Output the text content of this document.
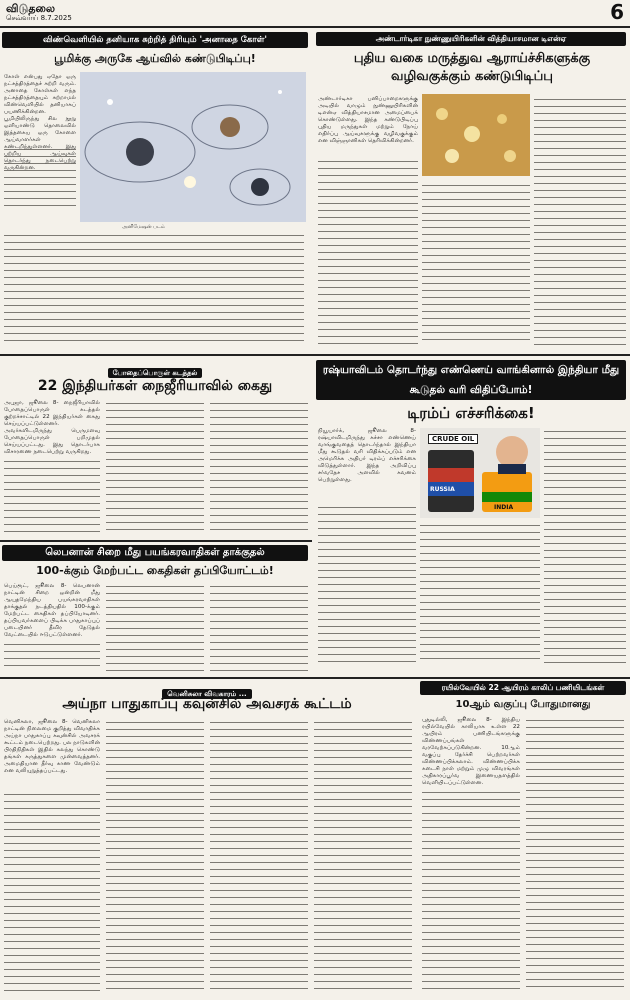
விடுதலை
செவ்வாய் 8.7.2025	6
விண்வெளியில் தனியாக சுற்றித் திரியும் 'அனாதை கோள்'
பூமிக்கு அருகே ஆய்வில் கண்டுபிடிப்பு!
கோள் என்பது ஏதோ ஒரு நட்சத்திரத்தைச் சுற்றி வரும். அனாதை கோள்கள் எந்த நட்சத்திரத்தையும் சுற்றாமல் விண்வெளியில் தனியாகப் பயணிக்கின்றன. பூமியிலிருந்து சில நூறு ஒளியாண்டு தொலைவில் இத்தகைய ஒரு கோளை ஆய்வாளர்கள் கண்டறிந்துள்ளனர். இது பற்றிய ஆய்வுகள் தொடர்ந்து நடைபெற்று வருகின்றன.
அனிமேஷன் படம்
அண்டார்டிகா நுண்ணுயிரிகளின் வித்தியாசமான டிஎன்ஏ
புதிய வகை மருத்துவ ஆராய்ச்சிகளுக்கு வழிவகுக்கும் கண்டுபிடிப்பு
அண்டார்டிகா பனிப்பாறைகளுக்கு அடியில் வாழும் நுண்ணுயிரிகளின் டிஎன்ஏ வித்தியாசமான அமைப்பைக் கொண்டுள்ளது. இந்த கண்டுபிடிப்பு புதிய மருந்துகள் மற்றும் நோய் எதிர்ப்பு ஆய்வுகளுக்கு வழிவகுக்கும் என விஞ்ஞானிகள் தெரிவிக்கின்றனர்.
போதைப்பொருள் கடத்தல்
22 இந்தியர்கள் நைஜீரியாவில் கைது
அபுஜா, ஜூலை 8- நைஜீரியாவில் போதைப்பொருள் கடத்தல் குற்றச்சாட்டில் 22 இந்தியர்கள் கைது செய்யப்பட்டுள்ளனர். அவர்களிடமிருந்து பெருமளவு போதைப்பொருள் பறிமுதல் செய்யப்பட்டது. இது தொடர்பாக விசாரணை நடைபெற்று வருகிறது.
ரஷ்யாவிடம் தொடர்ந்து எண்ணெய் வாங்கினால் இந்தியா மீது கூடுதல் வரி விதிப்போம்!
டிரம்ப் எச்சரிக்கை!
நியூயார்க், ஜூலை 8- ரஷ்யாவிடமிருந்து கச்சா எண்ணெய் வாங்குவதைத் தொடர்ந்தால் இந்தியா மீது கூடுதல் வரி விதிக்கப்படும் என அமெரிக்க அதிபர் டிரம்ப் எச்சரிக்கை விடுத்துள்ளார். இந்த அறிவிப்பு சர்வதேச அளவில் கவனம் பெற்றுள்ளது.
CRUDE OIL
RUSSIA
INDIA
லெபனான் சிறை மீது பயங்கரவாதிகள் தாக்குதல்
100-க்கும் மேற்பட்ட கைதிகள் தப்பியோட்டம்!
பெய்ரூட், ஜூலை 8- லெபனான் நாட்டின் சிறை ஒன்றின் மீது ஆயுதமேந்திய பயங்கரவாதிகள் தாக்குதல் நடத்தியதில் 100-க்கும் மேற்பட்ட கைதிகள் தப்பியோடினர். தப்பியவர்களைப் பிடிக்க பாதுகாப்புப் படையினர் தீவிர தேடுதல் வேட்டையில் ஈடுபட்டுள்ளனர்.
வெனிசுலா விவகாரம் ...
அய்நா பாதுகாப்பு கவுன்சில் அவசரக் கூட்டம்
வெனிசுலா, ஜூலை 8- வெனிசுலா நாட்டின் நிலைமை குறித்து விவாதிக்க அய்நா பாதுகாப்பு கவுன்சில் அவசரக் கூட்டம் நடைபெற்றது. பல நாடுகளின் பிரதிநிதிகள் இதில் கலந்து கொண்டு தங்கள் கருத்துகளை முன்வைத்தனர். அமைதியான தீர்வு காண வேண்டும் என வலியுறுத்தப்பட்டது.
ரயில்வேயில் 22 ஆயிரம் காலிப் பணியிடங்கள்
10ஆம் வகுப்பு போதுமானது
புதுடில்லி, ஜூலை 8- இந்திய ரயில்வேயில் காலியாக உள்ள 22 ஆயிரம் பணியிடங்களுக்கு விண்ணப்பங்கள் வரவேற்கப்படுகின்றன. 10ஆம் வகுப்பு தேர்ச்சி பெற்றவர்கள் விண்ணப்பிக்கலாம். விண்ணப்பிக்க கடைசி நாள் மற்றும் முழு விவரங்கள் அதிகாரப்பூர்வ இணையதளத்தில் வெளியிடப்பட்டுள்ளன.
